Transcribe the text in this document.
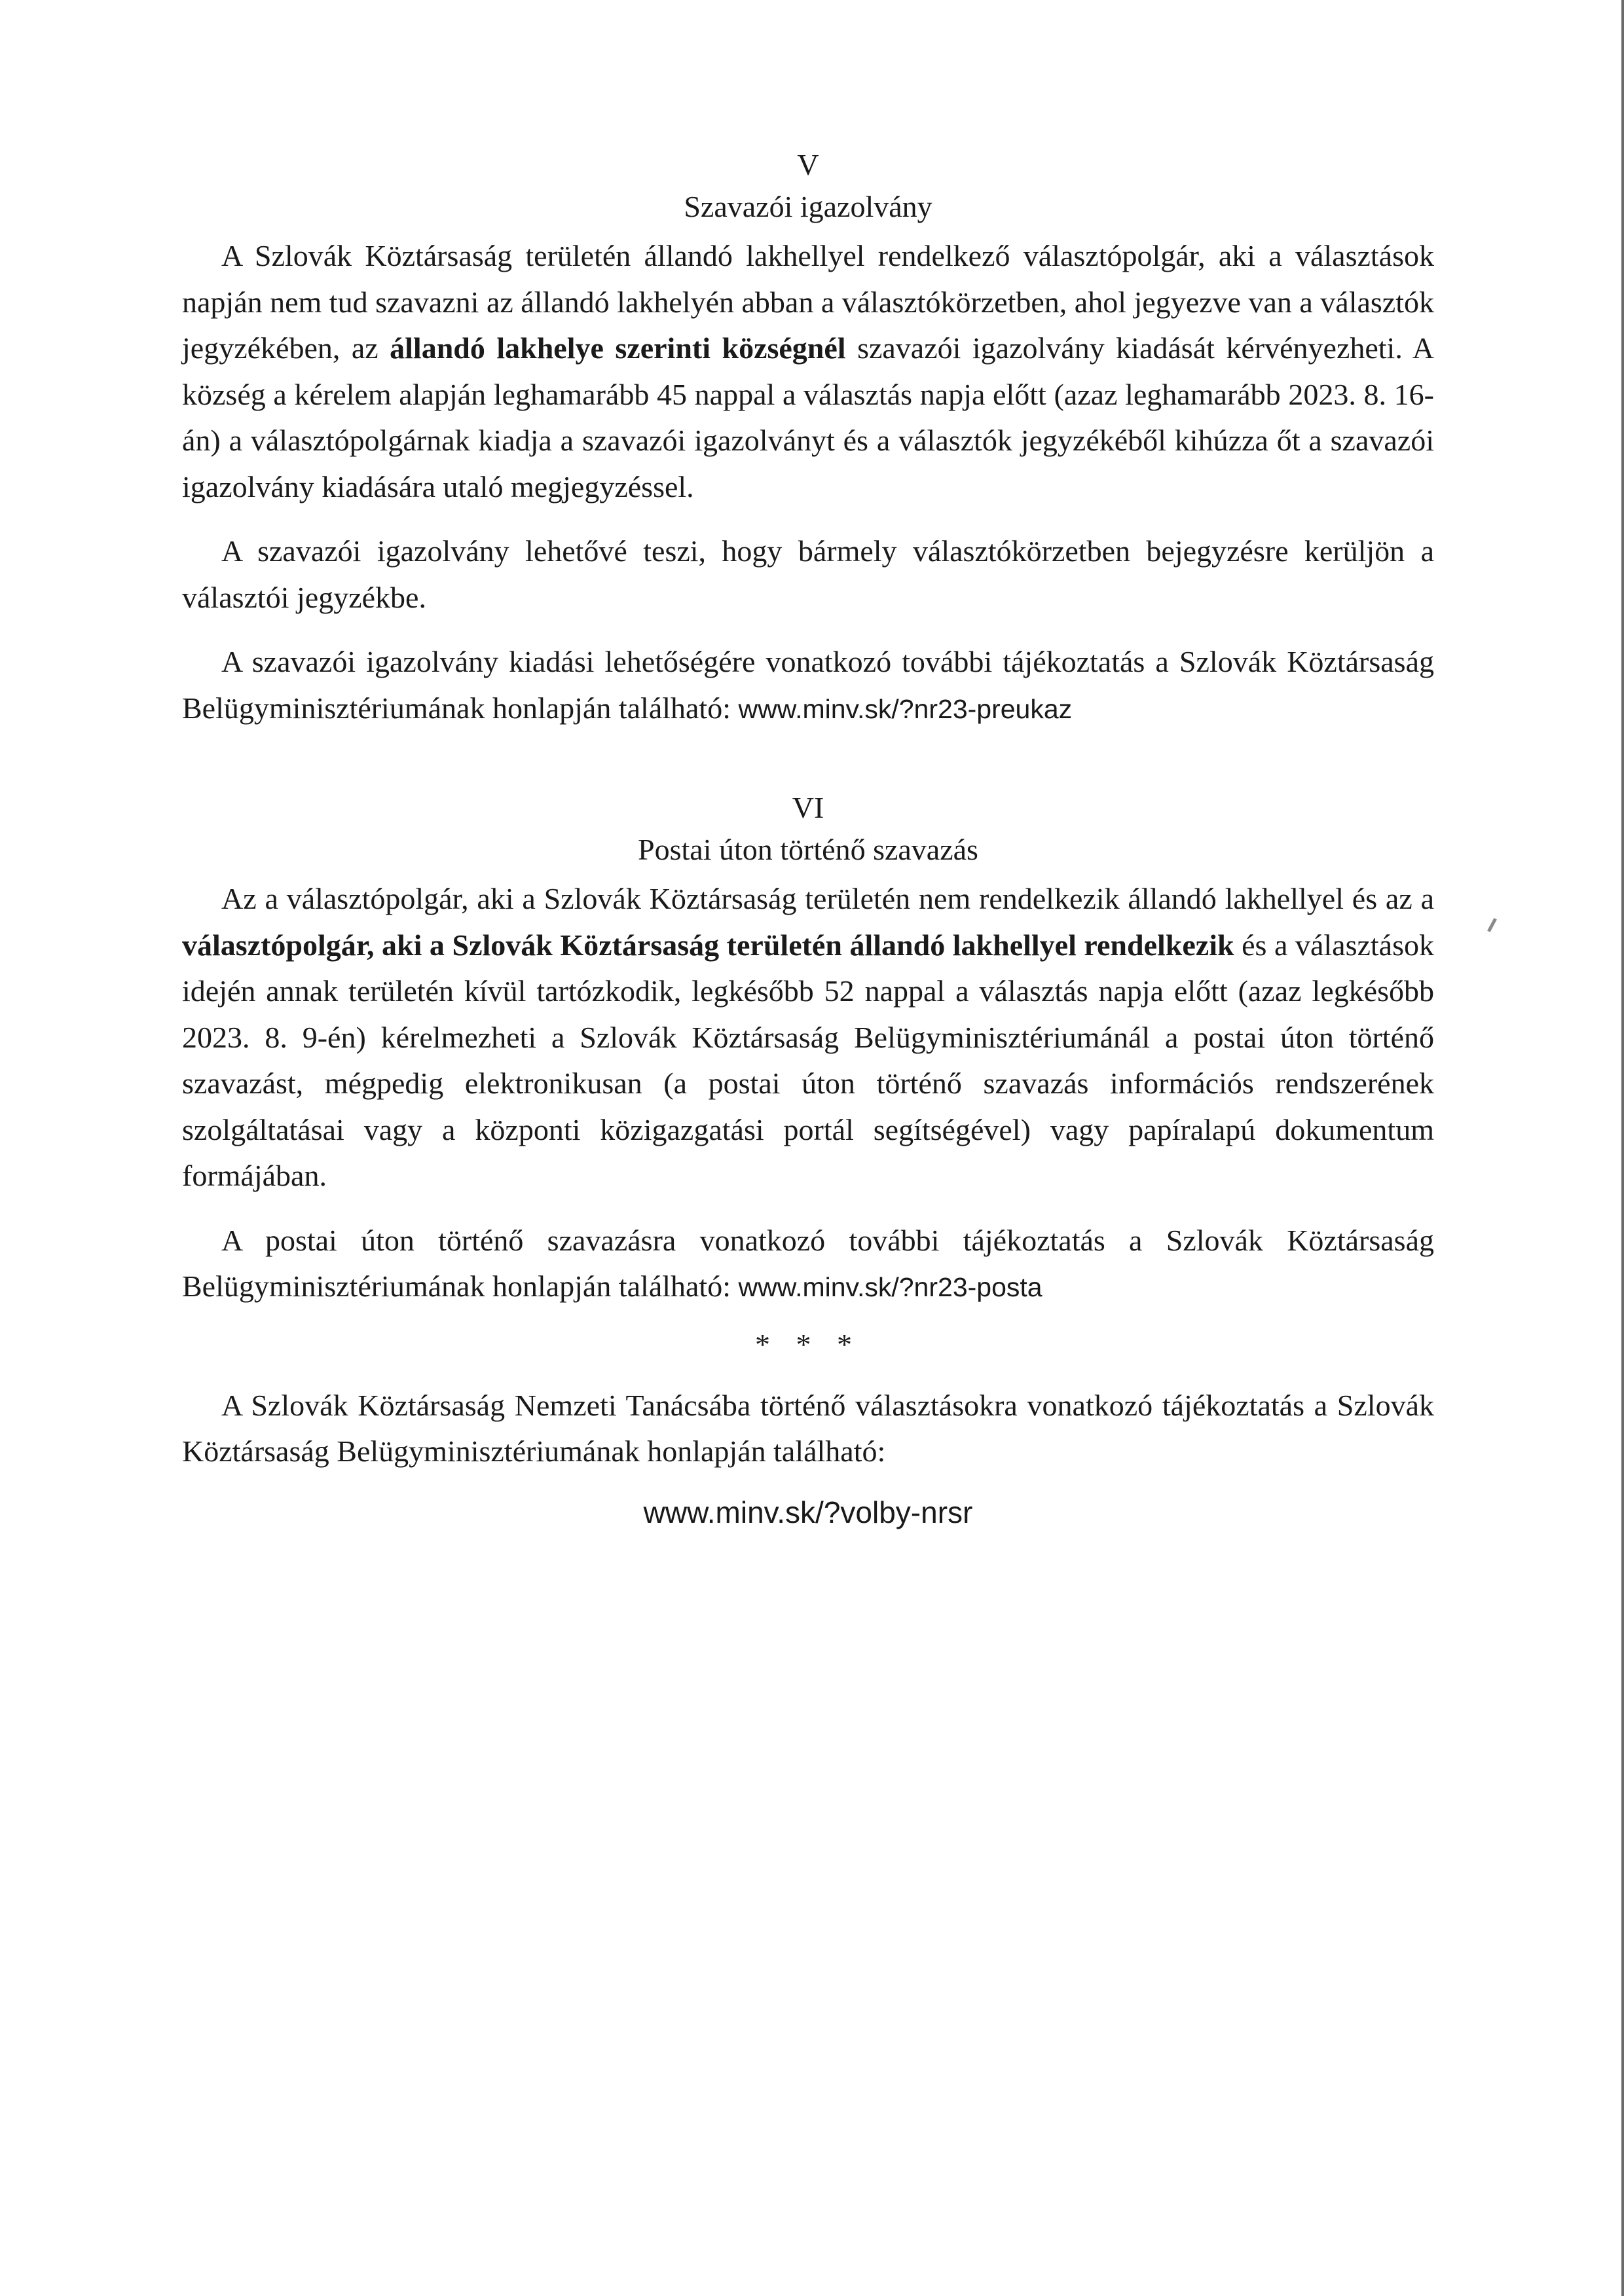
V
Szavazói igazolvány

A Szlovák Köztársaság területén állandó lakhellyel rendelkező választópolgár, aki a választások napján nem tud szavazni az állandó lakhelyén abban a választókörzetben, ahol jegyezve van a választók jegyzékében, az állandó lakhelye szerinti községnél szavazói igazolvány kiadását kérvényezheti. A község a kérelem alapján leghamarább 45 nappal a választás napja előtt (azaz leghamarább 2023. 8. 16-án) a választópolgárnak kiadja a szavazói igazolványt és a választók jegyzékéből kihúzza őt a szavazói igazolvány kiadására utaló megjegyzéssel.

A szavazói igazolvány lehetővé teszi, hogy bármely választókörzetben bejegyzésre kerüljön a választói jegyzékbe.

A szavazói igazolvány kiadási lehetőségére vonatkozó további tájékoztatás a Szlovák Köztársaság Belügyminisztériumának honlapján található: www.minv.sk/?nr23-preukaz

VI
Postai úton történő szavazás

Az a választópolgár, aki a Szlovák Köztársaság területén nem rendelkezik állandó lakhellyel és az a választópolgár, aki a Szlovák Köztársaság területén állandó lakhellyel rendelkezik és a választások idején annak területén kívül tartózkodik, legkésőbb 52 nappal a választás napja előtt (azaz legkésőbb 2023. 8. 9-én) kérelmezheti a Szlovák Köztársaság Belügyminisztériumánál a postai úton történő szavazást, mégpedig elektronikusan (a postai úton történő szavazás információs rendszerének szolgáltatásai vagy a központi közigazgatási portál segítségével) vagy papíralapú dokumentum formájában.

A postai úton történő szavazásra vonatkozó további tájékoztatás a Szlovák Köztársaság Belügyminisztériumának honlapján található: www.minv.sk/?nr23-posta

* * *

A Szlovák Köztársaság Nemzeti Tanácsába történő választásokra vonatkozó tájékoztatás a Szlovák Köztársaság Belügyminisztériumának honlapján található:

www.minv.sk/?volby-nrsr
